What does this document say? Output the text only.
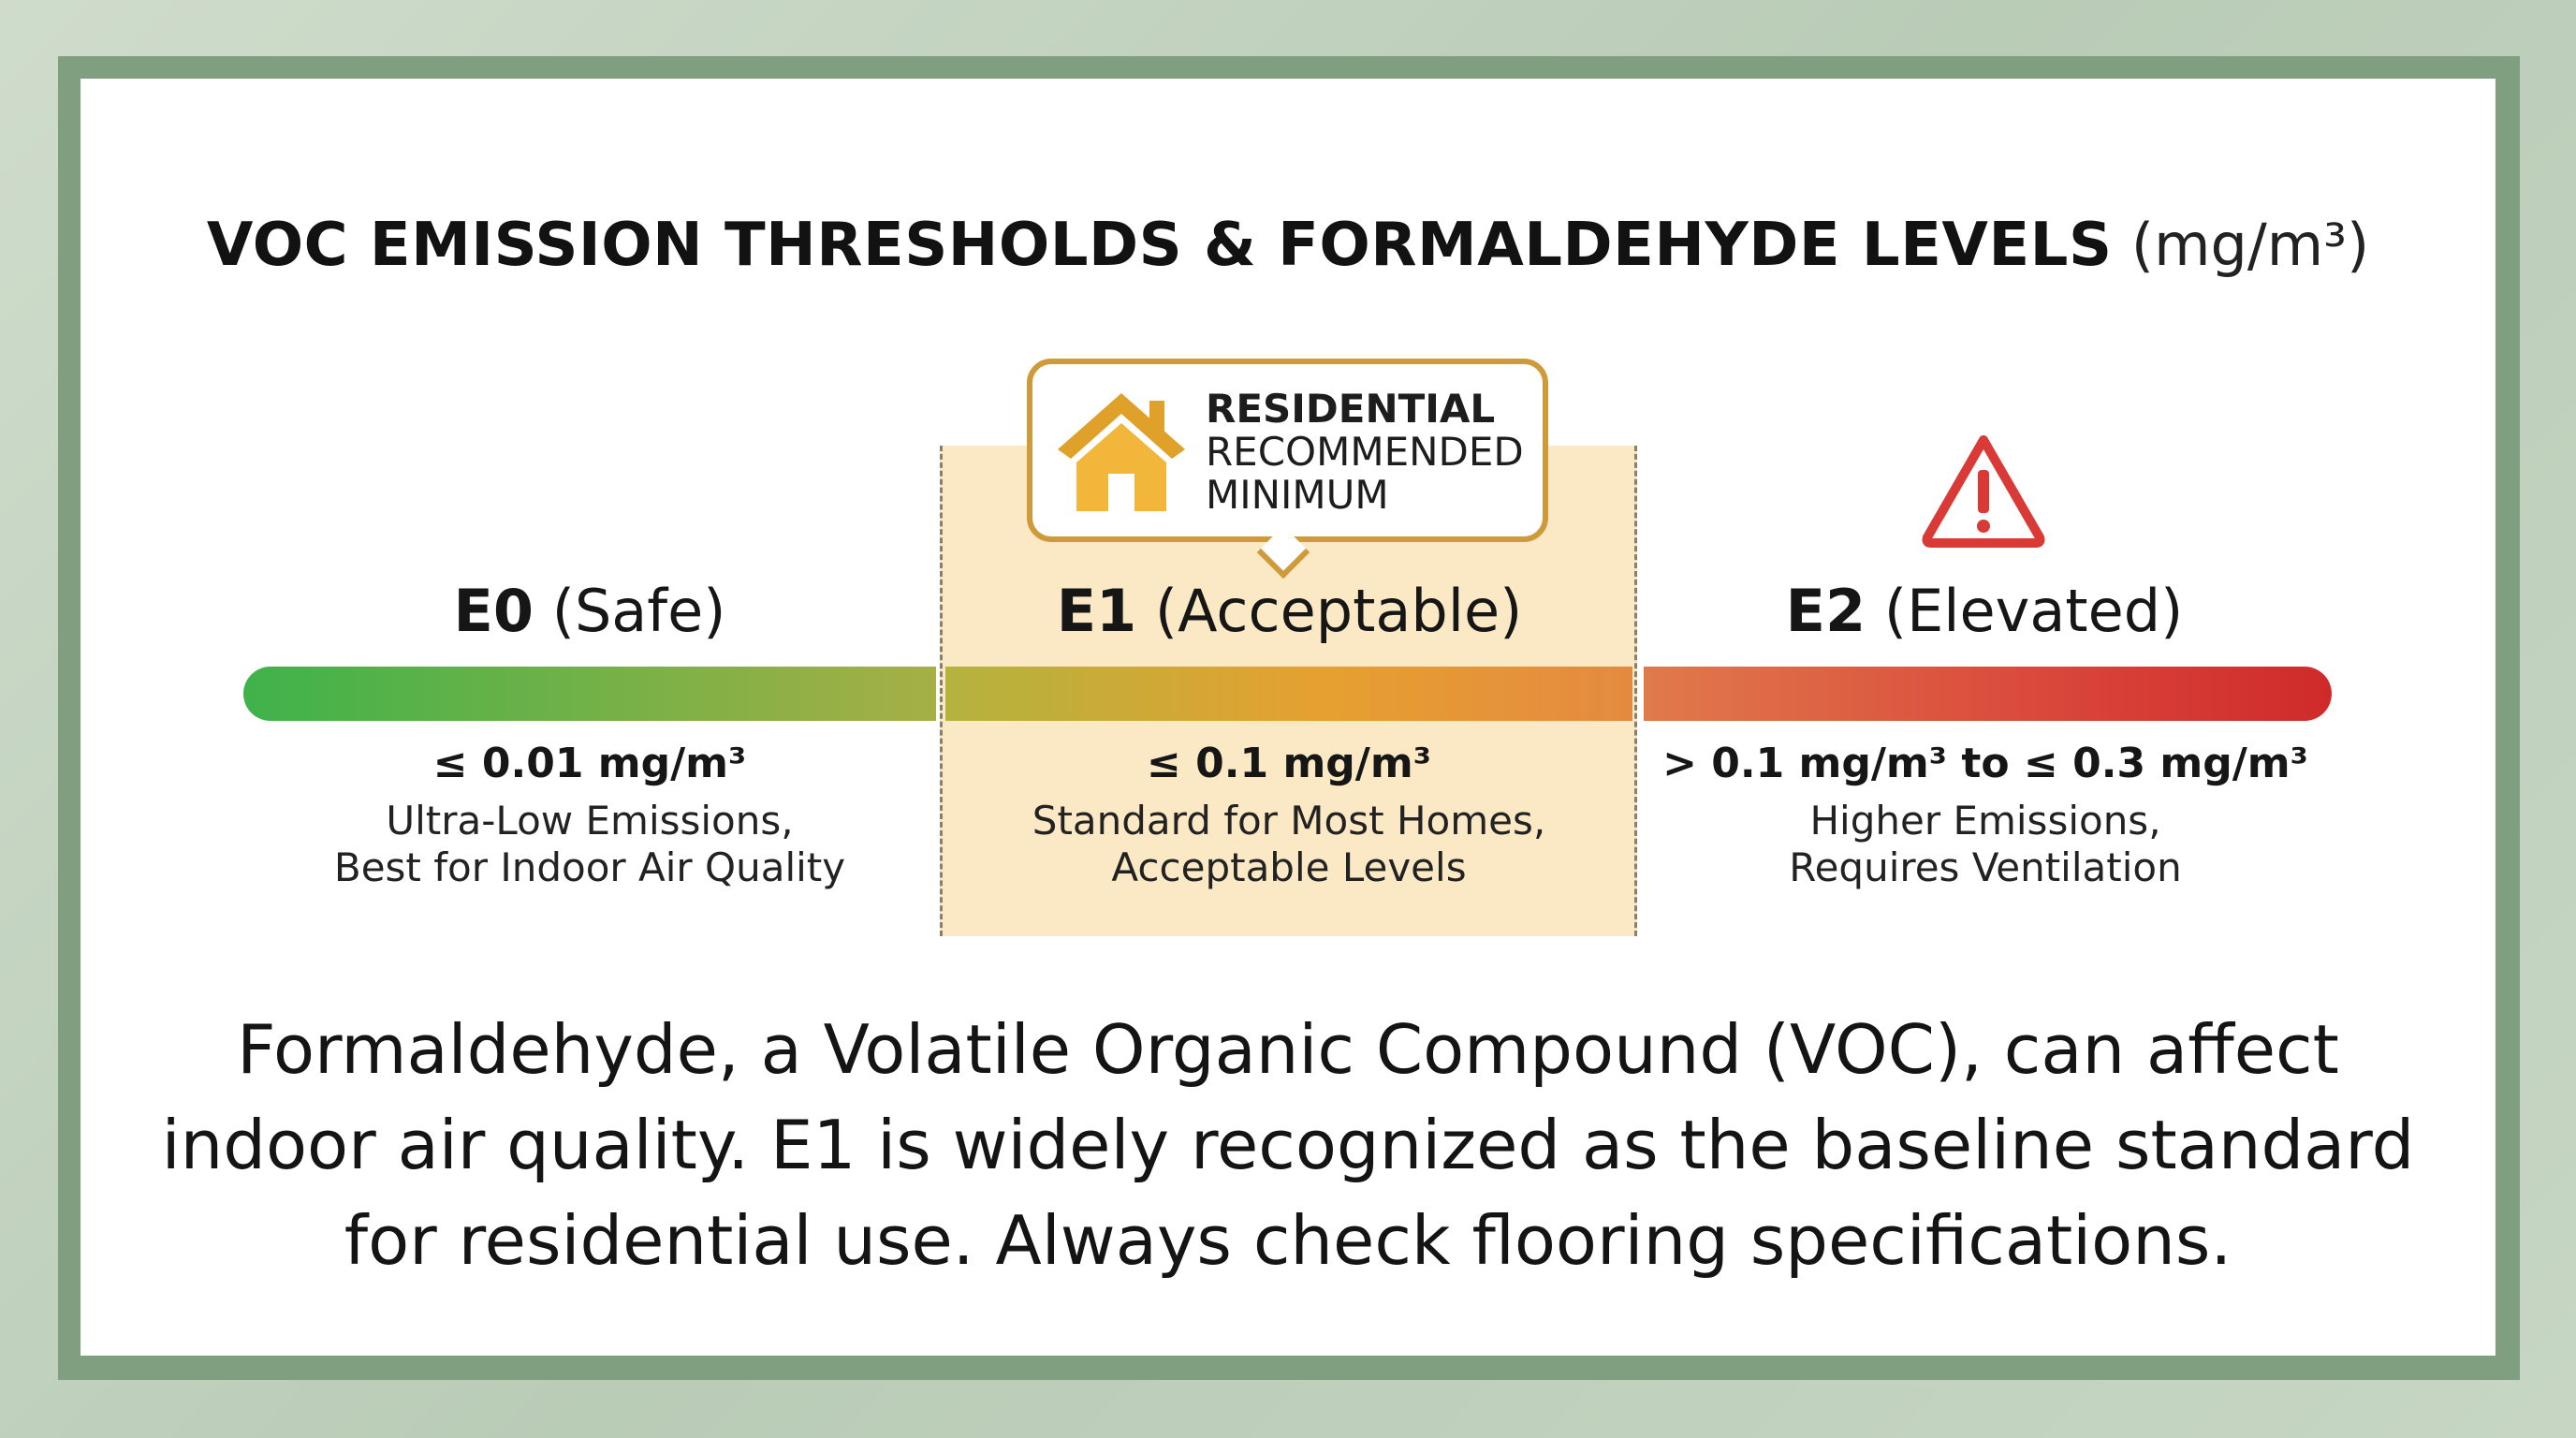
VOC EMISSION THRESHOLDS & FORMALDEHYDE LEVELS (mg/m³)
RESIDENTIAL
RECOMMENDED
MINIMUM
E0 (Safe)	E1 (Acceptable)	E2 (Elevated)
≤ 0.01 mg/m³	≤ 0.1 mg/m³	> 0.1 mg/m³ to ≤ 0.3 mg/m³
Ultra-Low Emissions,
Best for Indoor Air Quality
Standard for Most Homes,
Acceptable Levels
Higher Emissions,
Requires Ventilation
Formaldehyde, a Volatile Organic Compound (VOC), can affect
indoor air quality. E1 is widely recognized as the baseline standard
for residential use. Always check flooring specifications.
